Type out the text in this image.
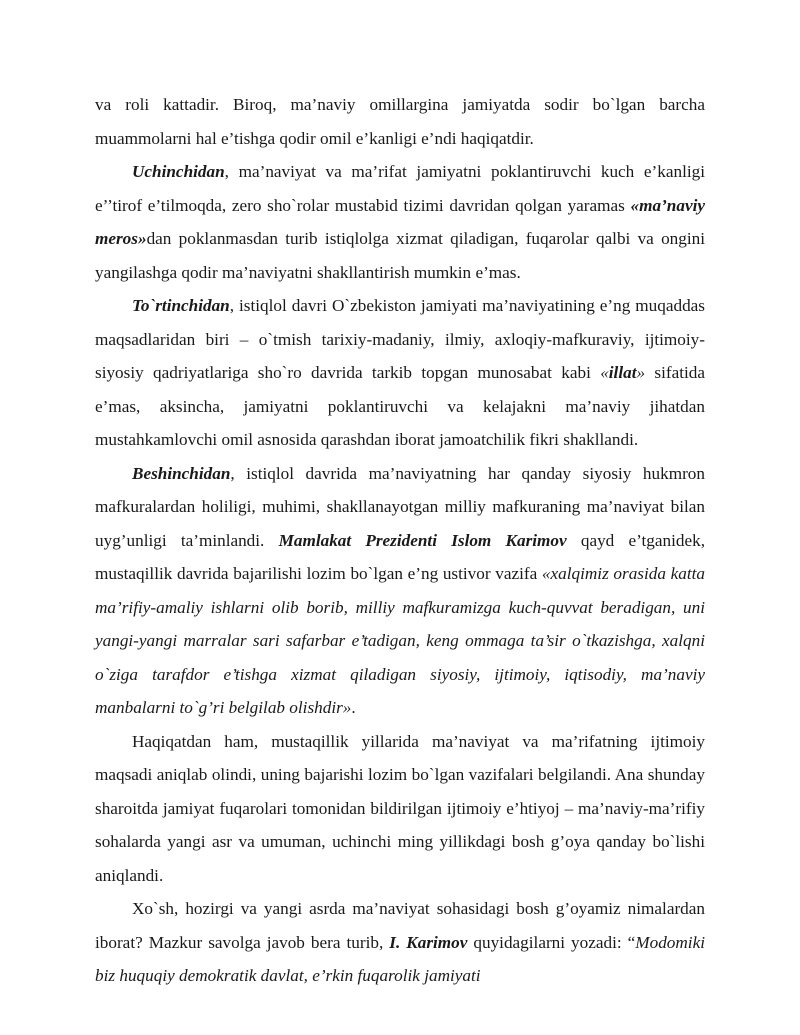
va roli kattadir. Biroq, ma’naviy omillargina jamiyatda sodir bo`lgan barcha muammolarni hal e’tishga qodir omil e’kanligi e’ndi haqiqatdir.

Uchinchidan, ma’naviyat va ma’rifat jamiyatni poklantiruvchi kuch e’kanligi e’’tirof e’tilmoqda, zero sho`rolar mustabid tizimi davridan qolgan yaramas «ma’naviy meros»dan poklanmasdan turib istiqlolga xizmat qiladigan, fuqarolar qalbi va ongini yangilashga qodir ma’naviyatni shakllantirish mumkin e’mas.

To`rtinchidan, istiqlol davri O`zbekiston jamiyati ma’naviyatining e’ng muqaddas maqsadlaridan biri – o`tmish tarixiy-madaniy, ilmiy, axloqiy-mafkuraviy, ijtimoiy-siyosiy qadriyatlariga sho`ro davrida tarkib topgan munosabat kabi «illat» sifatida e’mas, aksincha, jamiyatni poklantiruvchi va kelajakni ma’naviy jihatdan mustahkamlovchi omil asnosida qarashdan iborat jamoatchilik fikri shakllandi.

Beshinchidan, istiqlol davrida ma’naviyatning har qanday siyosiy hukmron mafkuralardan holiligi, muhimi, shakllanayotgan milliy mafkuraning ma’naviyat bilan uyg’unligi ta’minlandi. Mamlakat Prezidenti Islom Karimov qayd e’tganidek, mustaqillik davrida bajarilishi lozim bo`lgan e’ng ustivor vazifa «xalqimiz orasida katta ma’rifiy-amaliy ishlarni olib borib, milliy mafkuramizga kuch-quvvat beradigan, uni yangi-yangi marralar sari safarbar e’tadigan, keng ommaga ta’sir o`tkazishga, xalqni o`ziga tarafdor e’tishga xizmat qiladigan siyosiy, ijtimoiy, iqtisodiy, ma’naviy manbalarni to`g’ri belgilab olishdir».

Haqiqatdan ham, mustaqillik yillarida ma’naviyat va ma’rifatning ijtimoiy maqsadi aniqlab olindi, uning bajarishi lozim bo`lgan vazifalari belgilandi. Ana shunday sharoitda jamiyat fuqarolari tomonidan bildirilgan ijtimoiy e’htiyoj – ma’naviy-ma’rifiy sohalarda yangi asr va umuman, uchinchi ming yillikdagi bosh g’oya qanday bo`lishi aniqlandi.

Xo`sh, hozirgi va yangi asrda ma’naviyat sohasidagi bosh g’oyamiz nimalardan iborat? Mazkur savolga javob bera turib, I. Karimov quyidagilarni yozadi: “Modomiki biz huquqiy demokratik davlat, e’rkin fuqarolik jamiyati
